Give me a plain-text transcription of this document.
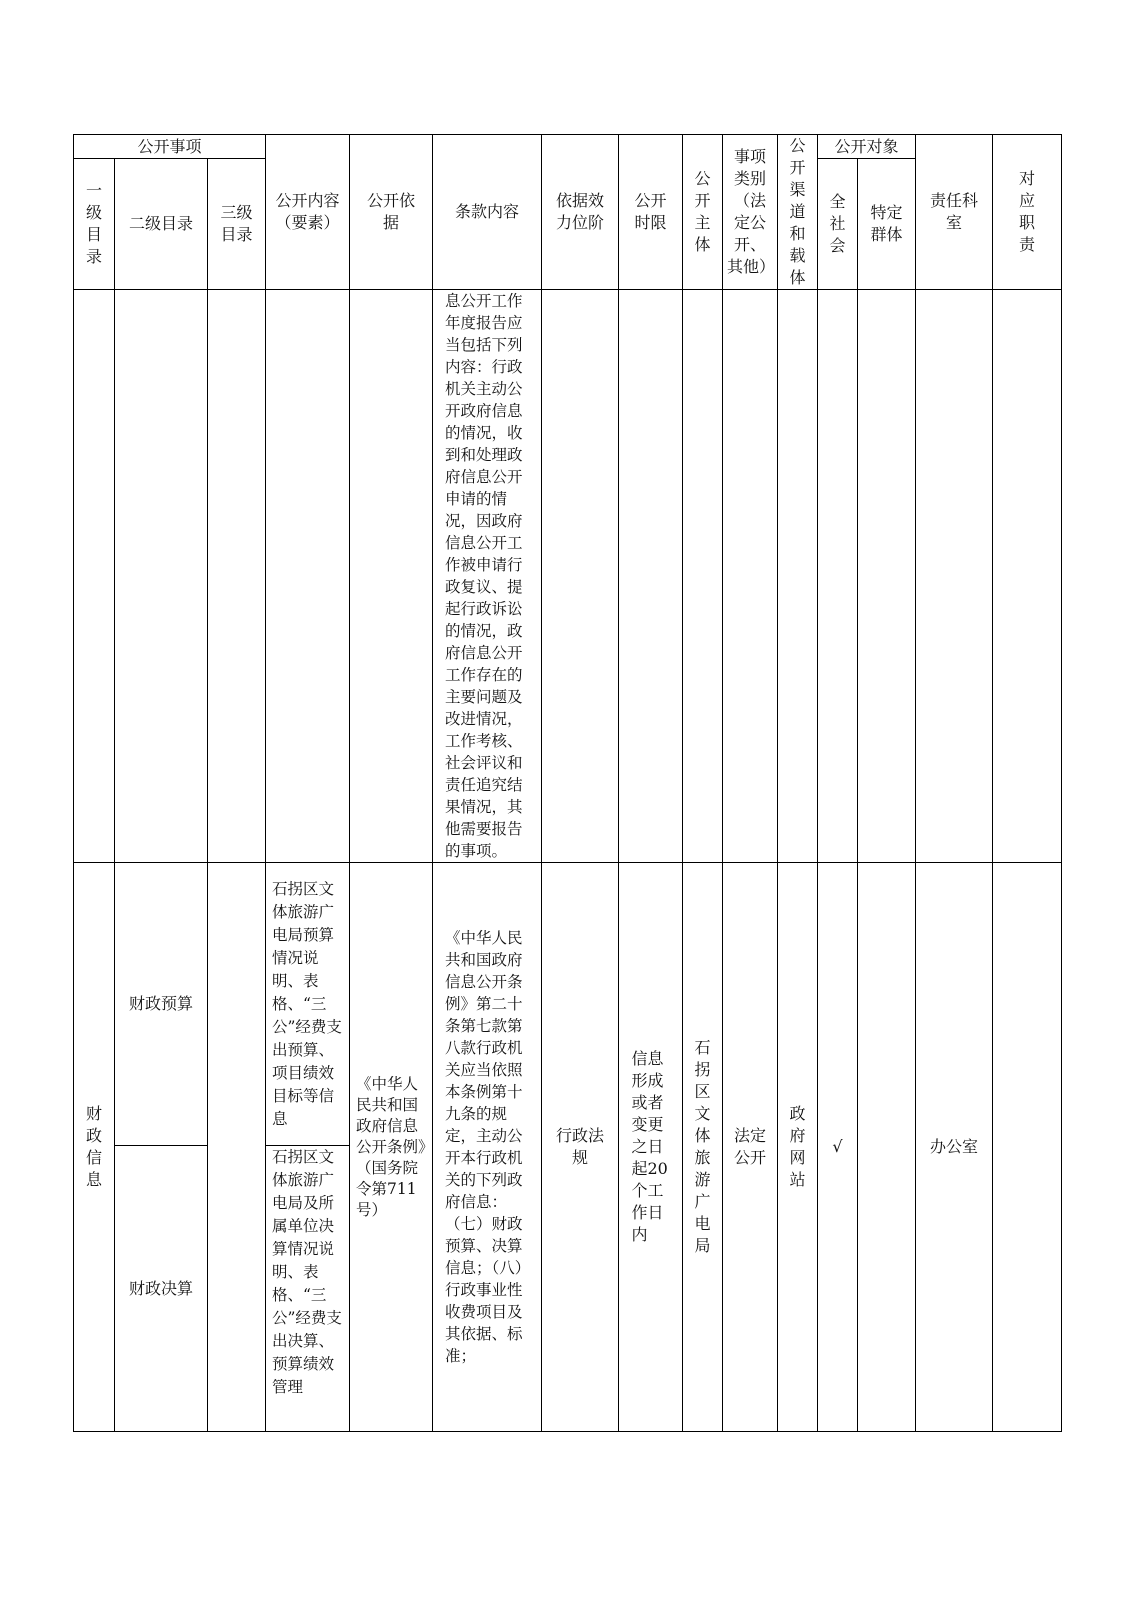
公开事项			公开内容（要素）	公开依据	条款内容	依据效力位阶	公开时限	公开主体	事项类别（法定公开、其他）	公开渠道和载体	公开对象		责任科室	对应职责

一级目录	二级目录	三级目录									全社会	特定群体		

					息公开工作年度报告应当包括下列内容：行政机关主动公开政府信息的情况，收到和处理政府信息公开申请的情况，因政府信息公开工作被申请行政复议、提起行政诉讼的情况，政府信息公开工作存在的主要问题及改进情况，工作考核、社会评议和责任追究结果情况，其他需要报告的事项。									

财政信息	财政预算		石拐区文体旅游广电局预算情况说明、表格、“三公”经费支出预算、项目绩效目标等信息	《中华人民共和国政府信息公开条例》（国务院令第711号）	《中华人民共和国政府信息公开条例》第二十条第七款第八款行政机关应当依照本条例第十九条的规定，主动公开本行政机关的下列政府信息：（七）财政预算、决算信息；（八）行政事业性收费项目及其依据、标准；	行政法规	信息形成或者变更之日起20个工作日内	石拐区文体旅游广电局	法定公开	政府网站	√		办公室	
	财政决算		石拐区文体旅游广电局及所属单位决算情况说明、表格、“三公”经费支出决算、预算绩效管理											
